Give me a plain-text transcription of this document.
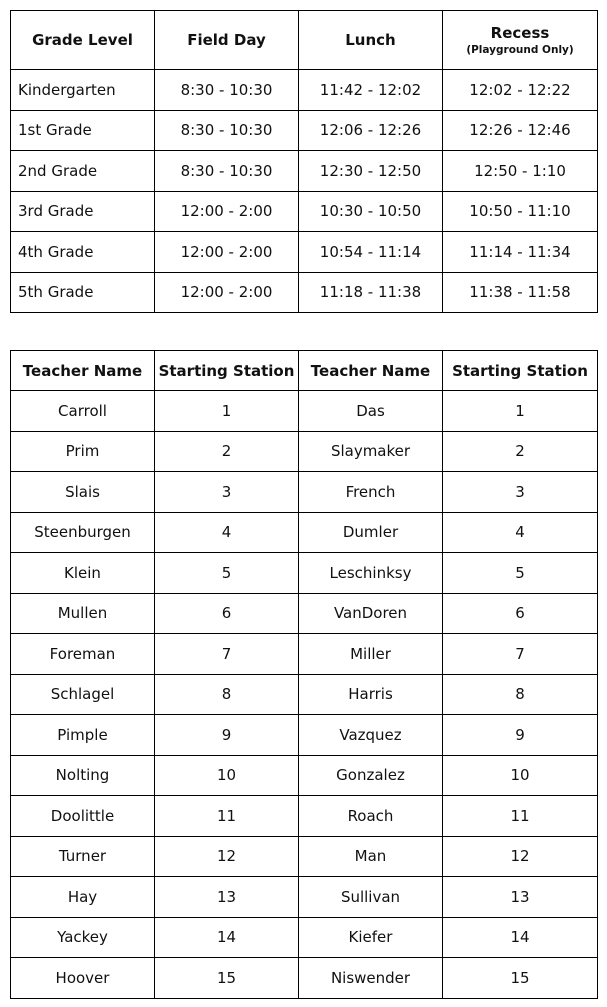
Grade Level	Field Day	Lunch	Recess
(Playground Only)

Kindergarten	8:30 - 10:30	11:42 - 12:02	12:02 - 12:22
1st Grade	8:30 - 10:30	12:06 - 12:26	12:26 - 12:46
2nd Grade	8:30 - 10:30	12:30 - 12:50	12:50 - 1:10
3rd Grade	12:00 - 2:00	10:30 - 10:50	10:50 - 11:10
4th Grade	12:00 - 2:00	10:54 - 11:14	11:14 - 11:34
5th Grade	12:00 - 2:00	11:18 - 11:38	11:38 - 11:58
Teacher Name	Starting Station	Teacher Name	Starting Station
Carroll	1	Das	1
Prim	2	Slaymaker	2
Slais	3	French	3
Steenburgen	4	Dumler	4
Klein	5	Leschinksy	5
Mullen	6	VanDoren	6
Foreman	7	Miller	7
Schlagel	8	Harris	8
Pimple	9	Vazquez	9
Nolting	10	Gonzalez	10
Doolittle	11	Roach	11
Turner	12	Man	12
Hay	13	Sullivan	13
Yackey	14	Kiefer	14
Hoover	15	Niswender	15
